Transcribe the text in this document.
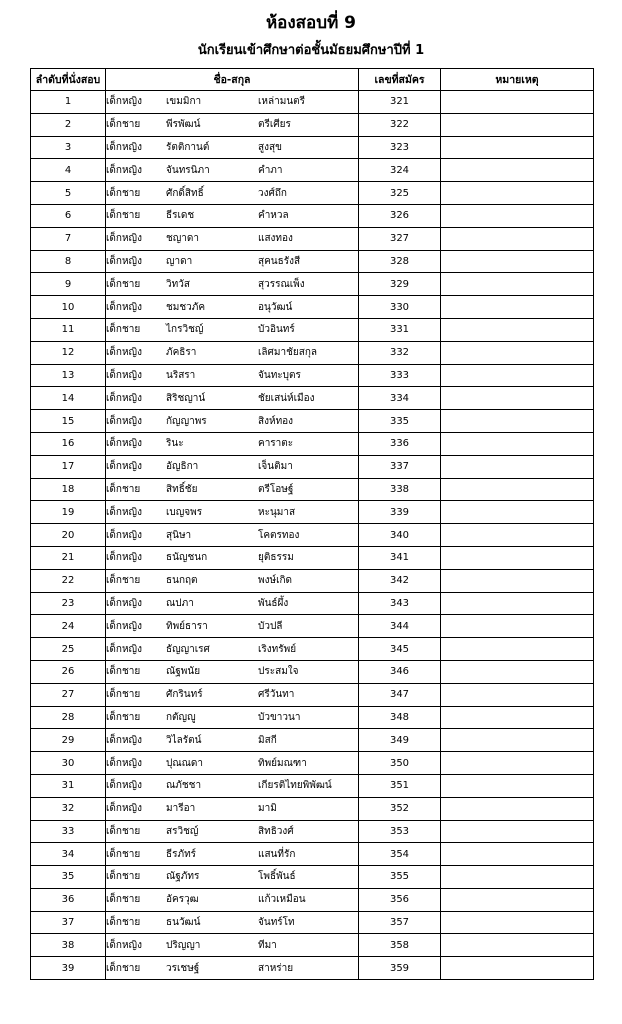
ห้องสอบที่ 9
นักเรียนเข้าศึกษาต่อชั้นมัธยมศึกษาปีที่ 1
ลำดับที่นั่งสอบ	ชื่อ-สกุล	เลขที่สมัคร	หมายเหตุ
1	เด็กหญิง เขมมิกา เหล่ามนตรี	321	
2	เด็กชาย พีรพัฒน์ ตรีเศียร	322	
3	เด็กหญิง รัตติกานต์ สูงสุข	323	
4	เด็กหญิง จันทรนิภา คำภา	324	
5	เด็กชาย ศักดิ์สิทธิ์ วงศ์ถึก	325	
6	เด็กชาย ธีรเดช คำหวล	326	
7	เด็กหญิง ชญาดา แสงทอง	327	
8	เด็กหญิง ญาดา สุคนธรังสี	328	
9	เด็กชาย วิทวัส สุวรรณเพ็ง	329	
10	เด็กหญิง ชมชวภัค อนุวัฒน์	330	
11	เด็กชาย ไกรวิชญ์ บัวอินทร์	331	
12	เด็กหญิง ภัคธิรา เลิศมาชัยสกุล	332	
13	เด็กหญิง นริสรา จันทะบุตร	333	
14	เด็กหญิง สิริชญาน์ ชัยเสน่ห์เมือง	334	
15	เด็กหญิง กัญญาพร สิงห์ทอง	335	
16	เด็กหญิง รินะ คาราตะ	336	
17	เด็กหญิง อัญธิกา เจ็นติมา	337	
18	เด็กชาย สิทธิ์ชัย ตรีโอษฐ์	338	
19	เด็กหญิง เบญจพร หะนุมาส	339	
20	เด็กหญิง สุนิษา โคตรทอง	340	
21	เด็กหญิง ธนัญชนก ยุติธรรม	341	
22	เด็กชาย ธนกฤต พงษ์เกิด	342	
23	เด็กหญิง ณปภา พันธ์ผึ้ง	343	
24	เด็กหญิง ทิพย์ธารา บัวปลี	344	
25	เด็กหญิง ธัญญาเรศ เริงทรัพย์	345	
26	เด็กชาย ณัฐพนัย ประสมใจ	346	
27	เด็กชาย ศักรินทร์ ศรีวันทา	347	
28	เด็กชาย กตัญญู บัวขาวนา	348	
29	เด็กหญิง วิไลรัตน์ มิสกี	349	
30	เด็กหญิง ปุณณดา ทิพย์มณฑา	350	
31	เด็กหญิง ณภัชชา เกียรติไทยพิพัฒน์	351	
32	เด็กหญิง มารีอา มามิ	352	
33	เด็กชาย สรวิชญ์ สิทธิวงศ์	353	
34	เด็กชาย ธีรภัทร์ แสนที่รัก	354	
35	เด็กชาย ณัฐภัทร โพธิ์พันธ์	355	
36	เด็กชาย อัครวุฒ แก้วเหมือน	356	
37	เด็กชาย ธนวัฒน์ จันทร์โท	357	
38	เด็กหญิง ปริญญา ทีมา	358	
39	เด็กชาย วรเชษฐ์ สาหร่าย	359	
